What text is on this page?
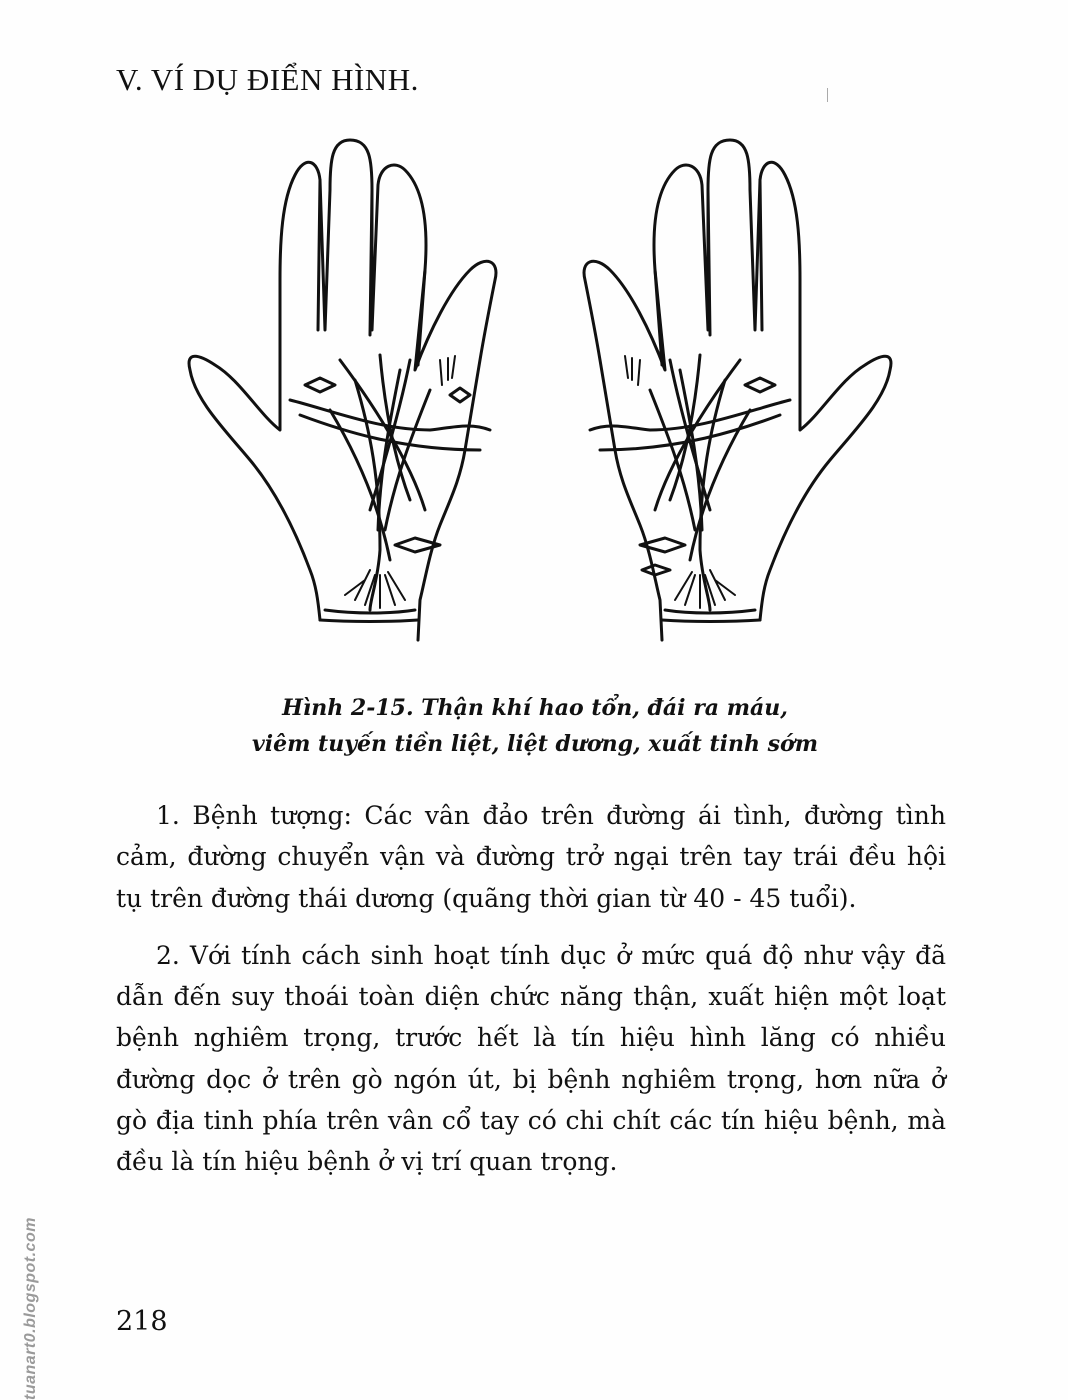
V. VÍ DỤ ĐIỂN HÌNH.
Hình 2-15. Thận khí hao tổn, đái ra máu,
viêm tuyến tiền liệt, liệt dương, xuất tinh sớm

1. Bệnh tượng: Các vân đảo trên đường ái tình, đường tình cảm, đường chuyển vận và đường trở ngại trên tay trái đều hội tụ trên đường thái dương (quãng thời gian từ 40 - 45 tuổi).

2. Với tính cách sinh hoạt tính dục ở mức quá độ như vậy đã dẫn đến suy thoái toàn diện chức năng thận, xuất hiện một loạt bệnh nghiêm trọng, trước hết là tín hiệu hình lăng có nhiều đường dọc ở trên gò ngón út, bị bệnh nghiêm trọng, hơn nữa ở gò địa tinh phía trên vân cổ tay có chi chít các tín hiệu bệnh, mà đều là tín hiệu bệnh ở vị trí quan trọng.

218

tuanart0.blogspot.com
